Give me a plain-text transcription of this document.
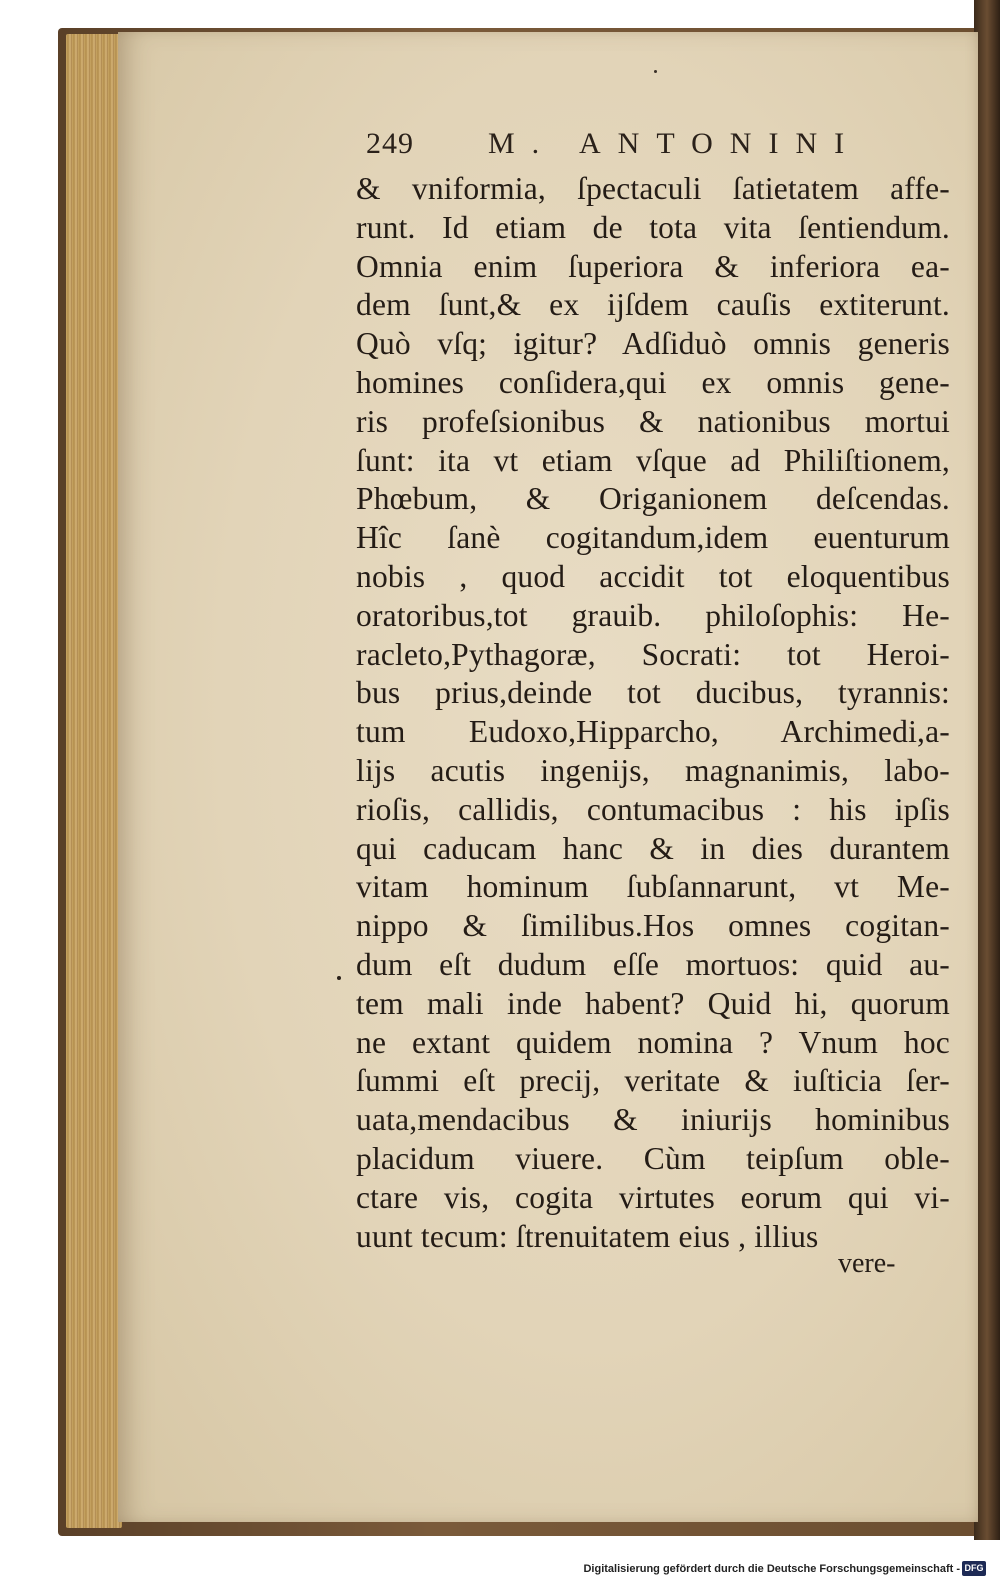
249 M. ANTONINI
& vniformia, ſpectaculi ſatietatem affe-
runt. Id etiam de tota vita ſentiendum.
Omnia enim ſuperiora & inferiora ea-
dem ſunt,& ex ijſdem cauſis extiterunt.
Quò vſq; igitur? Adſiduò omnis generis
homines conſidera,qui ex omnis gene-
ris profeſsionibus & nationibus mortui
ſunt: ita vt etiam vſque ad Philiſtionem,
Phœbum, & Origanionem deſcendas.
Hîc ſanè cogitandum,idem euenturum
nobis , quod accidit tot eloquentibus
oratoribus,tot grauib. philoſophis: He-
racleto,Pythagoræ, Socrati: tot Heroi-
bus prius,deinde tot ducibus, tyrannis:
tum Eudoxo,Hipparcho, Archimedi,a-
lijs acutis ingenijs, magnanimis, labo-
rioſis, callidis, contumacibus : his ipſis
qui caducam hanc & in dies durantem
vitam hominum ſubſannarunt, vt Me-
nippo & ſimilibus.Hos omnes cogitan-
dum eſt dudum eſſe mortuos: quid au-
tem mali inde habent? Quid hi, quorum
ne extant quidem nomina ? Vnum hoc
ſummi eſt precij, veritate & iuſticia ſer-
uata,mendacibus & iniurijs hominibus
placidum viuere. Cùm teipſum oble-
ctare vis, cogita virtutes eorum qui vi-
uunt tecum: ſtrenuitatem eius , illius
vere-
Digitalisierung gefördert durch die Deutsche Forschungsgemeinschaft - DFG
